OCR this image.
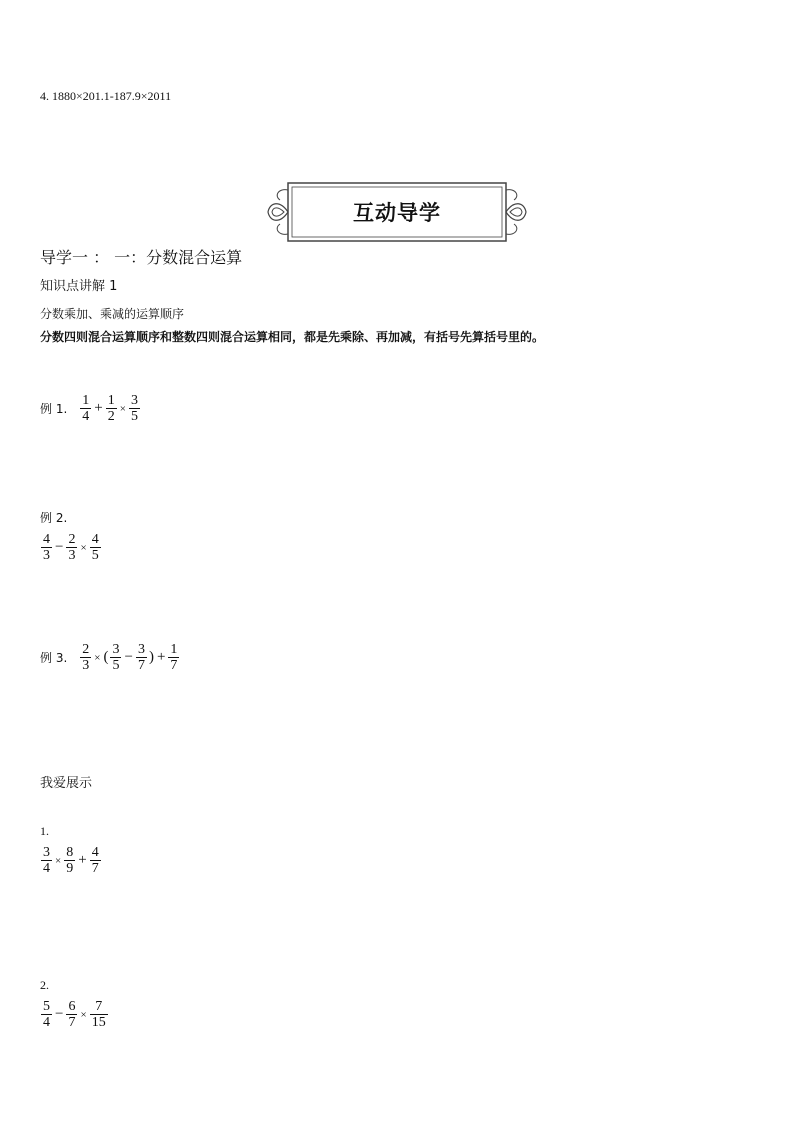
4. 1880×201.1-187.9×2011
互动导学
导学一 ： 一：分数混合运算
知识点讲解 1
分数乘加、乘减的运算顺序
分数四则混合运算顺序和整数四则混合运算相同，都是先乘除、再加减，有括号先算括号里的。
例 1. $\frac{1}{4} + \frac{1}{2} \times \frac{3}{5}$
例 2.
$\frac{4}{3} - \frac{2}{3} \times \frac{4}{5}$
例 3. $\frac{2}{3}$ × ( $\frac{3}{5} - \frac{3}{7}$ ) + $\frac{1}{7}$
我爱展示
1.
$\frac{3}{4} \times \frac{8}{9} + \frac{4}{7}$
2.
$\frac{5}{4} - \frac{6}{7} \times \frac{7}{15}$
